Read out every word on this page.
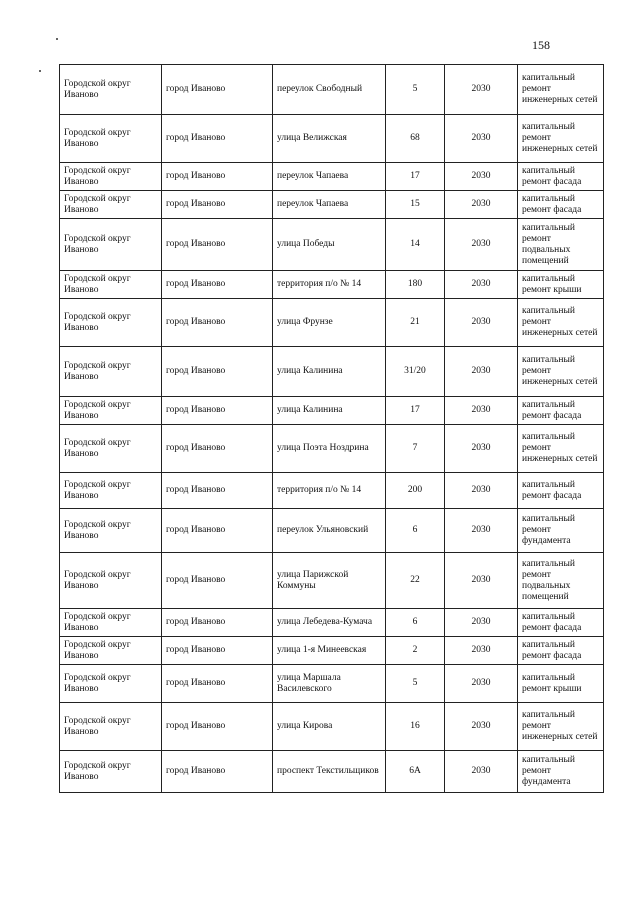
158
Городской округ Иваново	город Иваново	переулок Свободный	5	2030	капитальный ремонт инженерных сетей
Городской округ Иваново	город Иваново	улица Велижская	68	2030	капитальный ремонт инженерных сетей
Городской округ Иваново	город Иваново	переулок Чапаева	17	2030	капитальный ремонт фасада
Городской округ Иваново	город Иваново	переулок Чапаева	15	2030	капитальный ремонт фасада
Городской округ Иваново	город Иваново	улица Победы	14	2030	капитальный ремонт подвальных помещений
Городской округ Иваново	город Иваново	территория п/о № 14	180	2030	капитальный ремонт крыши
Городской округ Иваново	город Иваново	улица Фрунзе	21	2030	капитальный ремонт инженерных сетей
Городской округ Иваново	город Иваново	улица Калинина	31/20	2030	капитальный ремонт инженерных сетей
Городской округ Иваново	город Иваново	улица Калинина	17	2030	капитальный ремонт фасада
Городской округ Иваново	город Иваново	улица Поэта Ноздрина	7	2030	капитальный ремонт инженерных сетей
Городской округ Иваново	город Иваново	территория п/о № 14	200	2030	капитальный ремонт фасада
Городской округ Иваново	город Иваново	переулок Ульяновский	6	2030	капитальный ремонт фундамента
Городской округ Иваново	город Иваново	улица Парижской Коммуны	22	2030	капитальный ремонт подвальных помещений
Городской округ Иваново	город Иваново	улица Лебедева-Кумача	6	2030	капитальный ремонт фасада
Городской округ Иваново	город Иваново	улица 1-я Минеевская	2	2030	капитальный ремонт фасада
Городской округ Иваново	город Иваново	улица Маршала Василевского	5	2030	капитальный ремонт крыши
Городской округ Иваново	город Иваново	улица Кирова	16	2030	капитальный ремонт инженерных сетей
Городской округ Иваново	город Иваново	проспект Текстильщиков	6А	2030	капитальный ремонт фундамента
